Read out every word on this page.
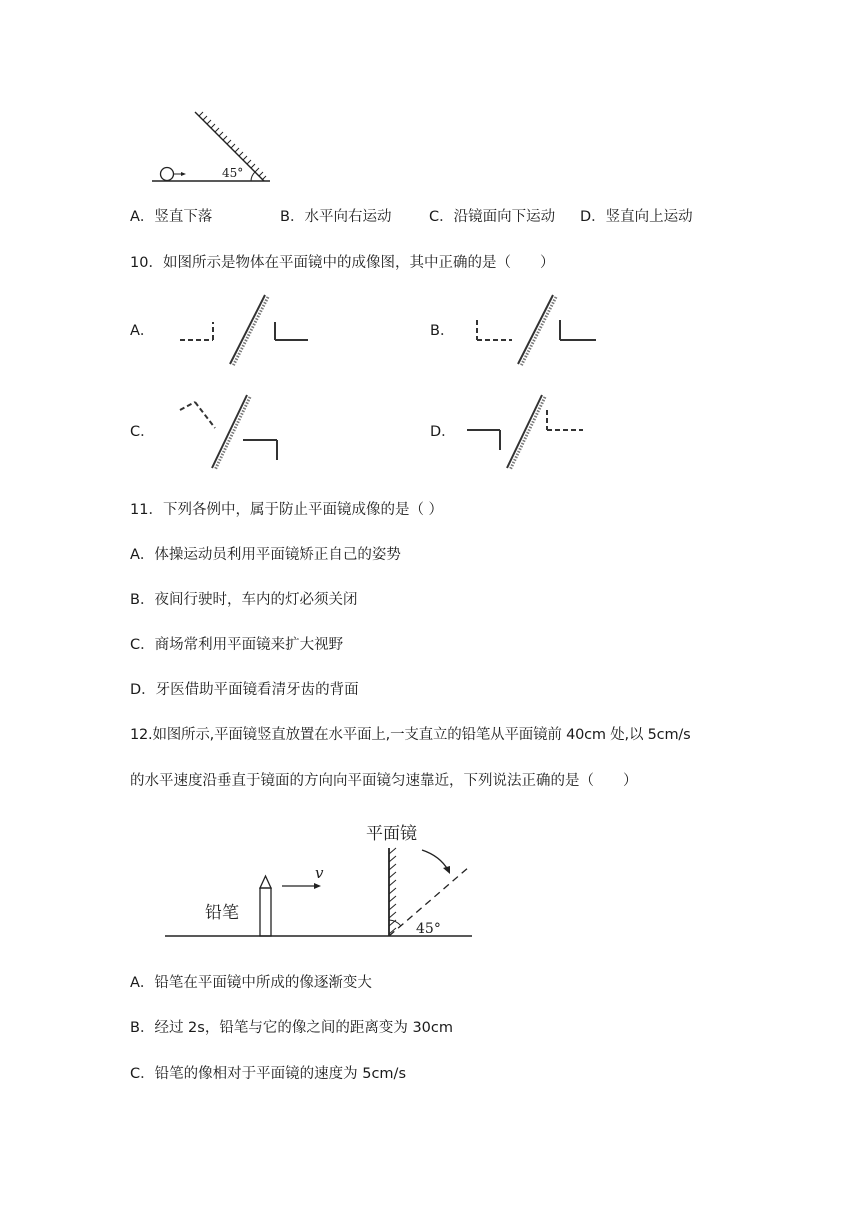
45°
A．竖直下落	B．水平向右运动	C．沿镜面向下运动 D．竖直向上运动
10．如图所示是物体在平面镜中的成像图，其中正确的是（　　）
A．	B．
C．	D．
11．下列各例中，属于防止平面镜成像的是（ ）
A．体操运动员利用平面镜矫正自己的姿势
B．夜间行驶时，车内的灯必须关闭
C．商场常利用平面镜来扩大视野
D．牙医借助平面镜看清牙齿的背面
12.如图所示,平面镜竖直放置在水平面上,一支直立的铅笔从平面镜前 40cm 处,以 5cm/s
的水平速度沿垂直于镜面的方向向平面镜匀速靠近，下列说法正确的是（　　）
铅笔
v
平面镜
45°
A．铅笔在平面镜中所成的像逐渐变大
B．经过 2s，铅笔与它的像之间的距离变为 30cm
C．铅笔的像相对于平面镜的速度为 5cm/s
